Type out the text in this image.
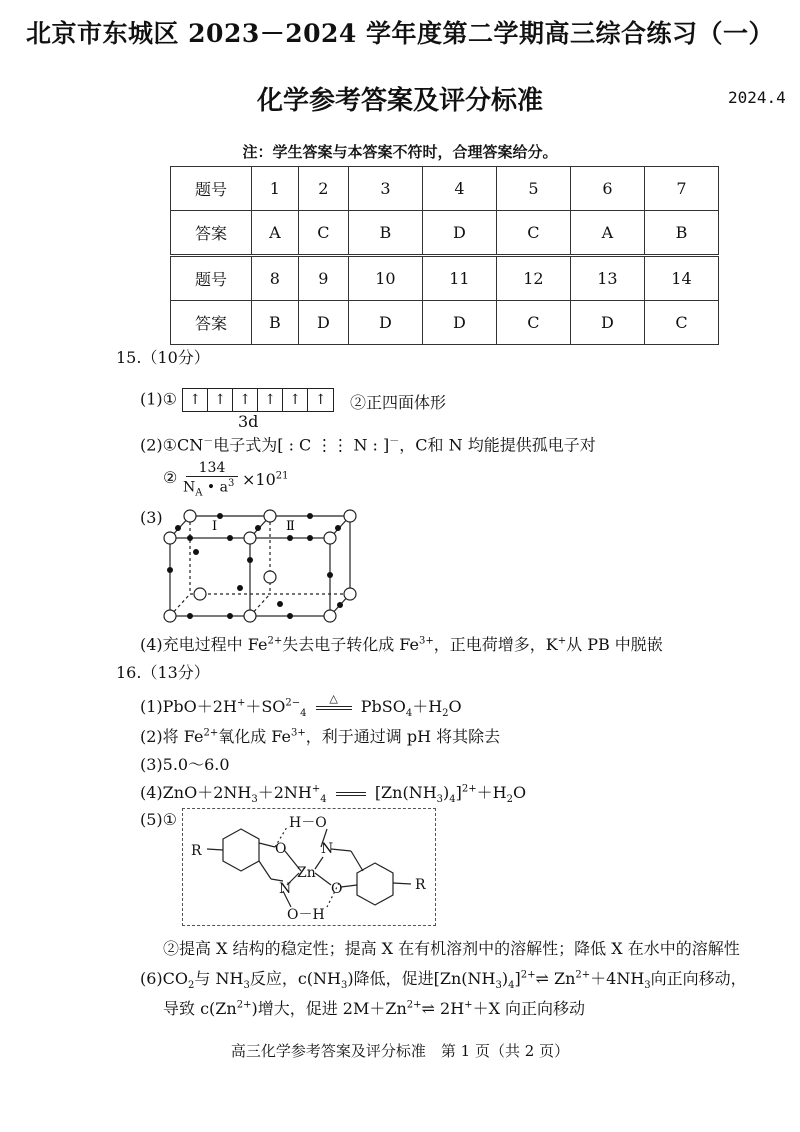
北京市东城区 2023－2024 学年度第二学期高三综合练习（一）
化学参考答案及评分标准	2024.4
注：学生答案与本答案不符时，合理答案给分。
题号	1	2	3	4	5	6	7
答案	A	C	B	D	C	A	B
题号	8	9	10	11	12	13	14
答案	B	D	D	D	C	D	C
15.（10分）
(1)① ↑ ↑ ↑ ↑ ↑ ↑
3d
②正四面体形
(2)①CN－电子式为[ : C ⋮⋮ N : ]－，C和 N 均能提供孤电子对
②	134
$N_A$ • $a^3 \times 10^{21}$
(3)	Ⅰ	Ⅱ
(4)充电过程中 $Fe^{2+}$失去电子转化成 $Fe^{3+}$，正电荷增多，K+从 PB 中脱嵌
16.（13分）
$(1)PbO+2H^++SO^{2-}_4$
△	$PbSO_4+H_2O$
(2)将 $Fe^{2+}$氧化成 $Fe^{3+}$，利于通过调 pH 将其除去
(3)5.0～6.0
$(4)ZnO+2NH_3+2NH^+_4$	$[Zn(NH_3)_4]^{2+}+H_2O$
(5)①
R
R
Zn
H－O
O－H
O
O
N
N
②提高 X 结构的稳定性；提高 X 在有机溶剂中的溶解性；降低 X 在水中的溶解性
$(6)CO_2$与 $NH_3$反应，$c(NH_3)$降低，促进$[Zn(NH_3)_4]^{2+}\rightleftharpoons$ $Zn^{2+}+4NH_3$向正向移动，
导致 $c(Zn^{2+})$增大，促进 $2M+Zn^{2+}\rightleftharpoons$ 2H+＋X 向正向移动
高三化学参考答案及评分标准　第 1 页（共 2 页）
